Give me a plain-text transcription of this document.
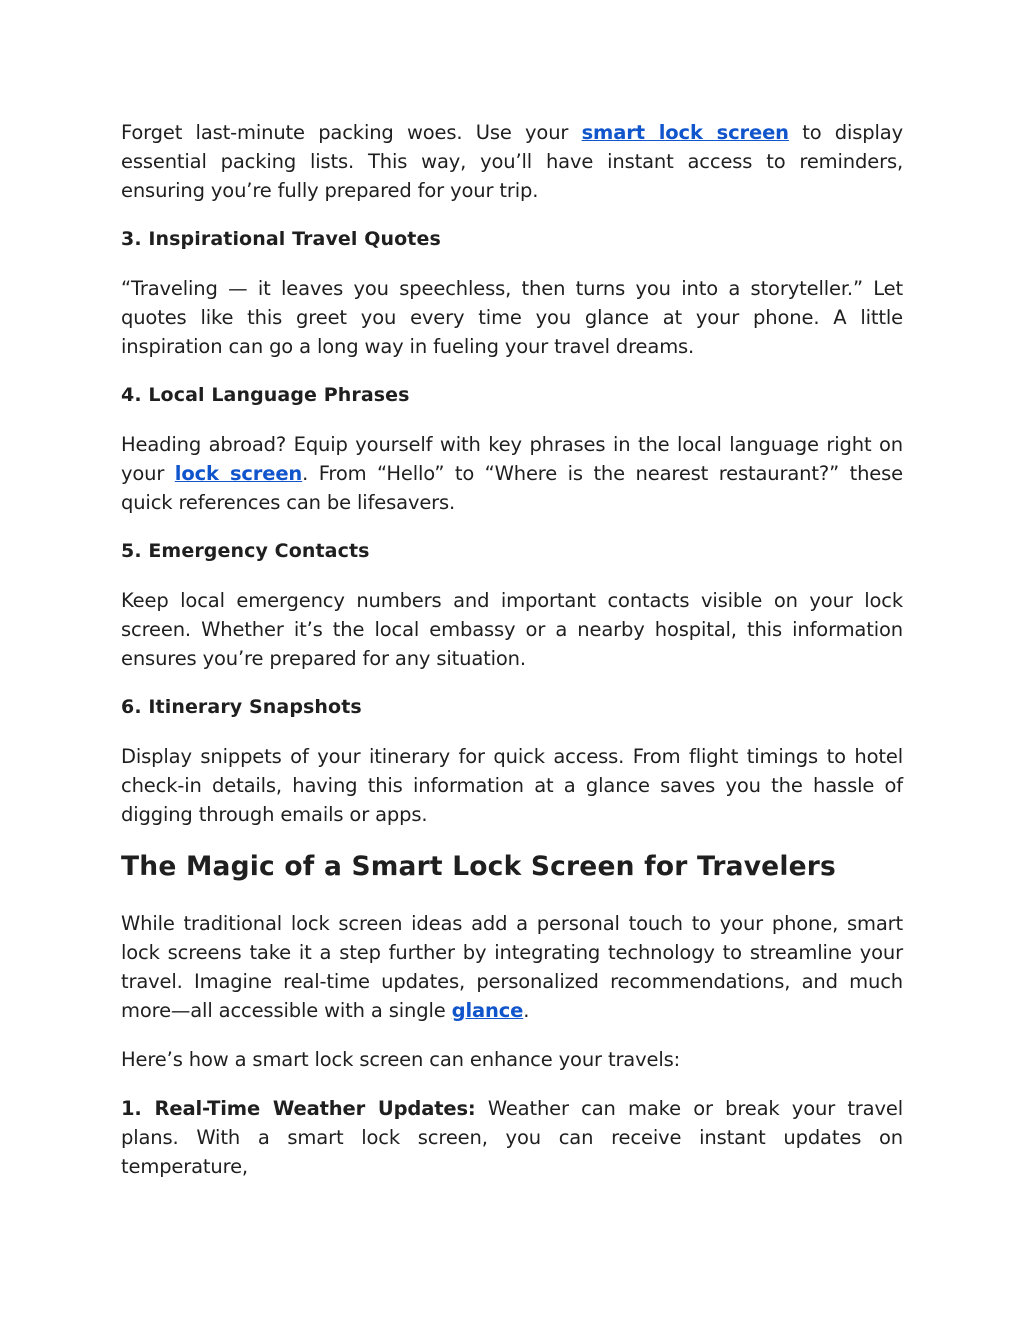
Forget last-minute packing woes. Use your smart lock screen to display essential packing lists. This way, you’ll have instant access to reminders, ensuring you’re fully prepared for your trip.

3. Inspirational Travel Quotes

“Traveling — it leaves you speechless, then turns you into a storyteller.” Let quotes like this greet you every time you glance at your phone. A little inspiration can go a long way in fueling your travel dreams.

4. Local Language Phrases

Heading abroad? Equip yourself with key phrases in the local language right on your lock screen. From “Hello” to “Where is the nearest restaurant?” these quick references can be lifesavers.

5. Emergency Contacts

Keep local emergency numbers and important contacts visible on your lock screen. Whether it’s the local embassy or a nearby hospital, this information ensures you’re prepared for any situation.

6. Itinerary Snapshots

Display snippets of your itinerary for quick access. From flight timings to hotel check-in details, having this information at a glance saves you the hassle of digging through emails or apps.

The Magic of a Smart Lock Screen for Travelers

While traditional lock screen ideas add a personal touch to your phone, smart lock screens take it a step further by integrating technology to streamline your travel. Imagine real-time updates, personalized recommendations, and much more—all accessible with a single glance.

Here’s how a smart lock screen can enhance your travels:

1. Real-Time Weather Updates: Weather can make or break your travel plans. With a smart lock screen, you can receive instant updates on temperature,
